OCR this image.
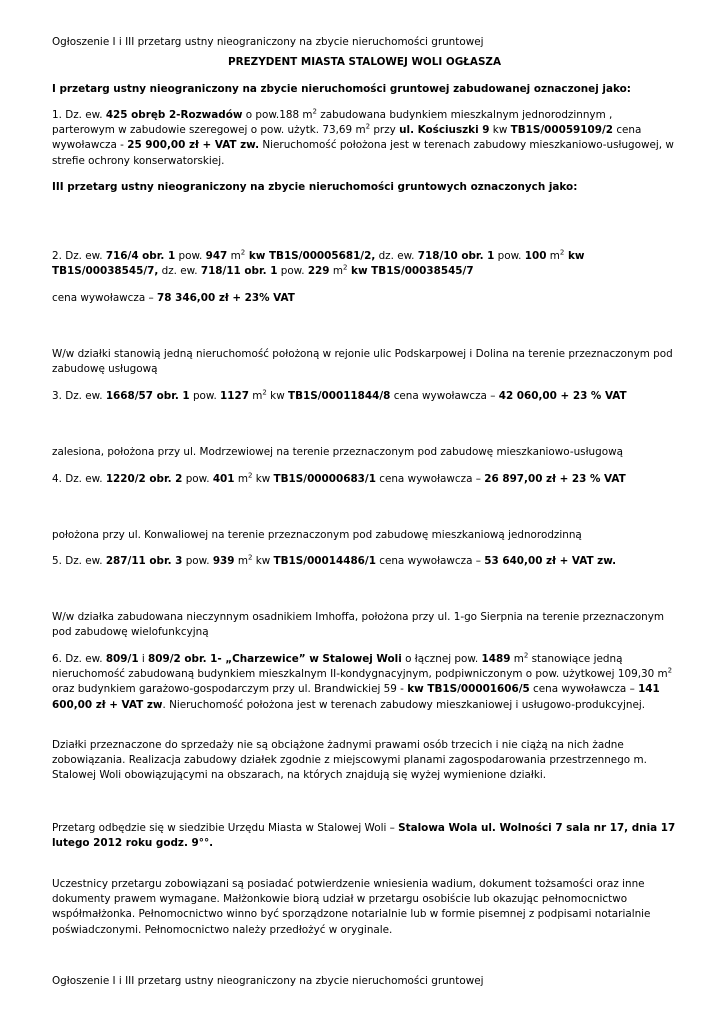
Ogłoszenie I i III przetarg ustny nieograniczony na zbycie nieruchomości gruntowej

PREZYDENT MIASTA STALOWEJ WOLI OGŁASZA

I przetarg ustny nieograniczony na zbycie nieruchomości gruntowej zabudowanej oznaczonej jako:

1. Dz. ew. 425 obręb 2-Rozwadów o pow.188 $m^2$ zabudowana budynkiem mieszkalnym jednorodzinnym , parterowym w zabudowie szeregowej o pow. użytk. 73,69 $m^2$ przy ul. Kościuszki 9 kw TB1S/00059109/2 cena wywoławcza - 25 900,00 zł + VAT zw. Nieruchomość położona jest w terenach zabudowy mieszkaniowo-usługowej, w strefie ochrony konserwatorskiej.

III przetarg ustny nieograniczony na zbycie nieruchomości gruntowych oznaczonych jako:

2. Dz. ew. 716/4 obr. 1 pow. 947 $m^2$ kw TB1S/00005681/2, dz. ew. 718/10 obr. 1 pow. 100 $m^2$ kw TB1S/00038545/7, dz. ew. 718/11 obr. 1 pow. 229 $m^2$ kw TB1S/00038545/7

cena wywoławcza – 78 346,00 zł + 23% VAT

W/w działki stanowią jedną nieruchomość położoną w rejonie ulic Podskarpowej i Dolina na terenie przeznaczonym pod zabudowę usługową

3. Dz. ew. 1668/57 obr. 1 pow. 1127 $m^2$ kw TB1S/00011844/8 cena wywoławcza – 42 060,00 + 23 % VAT

zalesiona, położona przy ul. Modrzewiowej na terenie przeznaczonym pod zabudowę mieszkaniowo-usługową

4. Dz. ew. 1220/2 obr. 2 pow. 401 $m^2$ kw TB1S/00000683/1 cena wywoławcza – 26 897,00 zł + 23 % VAT

położona przy ul. Konwaliowej na terenie przeznaczonym pod zabudowę mieszkaniową jednorodzinną

5. Dz. ew. 287/11 obr. 3 pow. 939 $m^2$ kw TB1S/00014486/1 cena wywoławcza – 53 640,00 zł + VAT zw.

W/w działka zabudowana nieczynnym osadnikiem Imhoffa, położona przy ul. 1-go Sierpnia na terenie przeznaczonym pod zabudowę wielofunkcyjną

6. Dz. ew. 809/1 i 809/2 obr. 1- „Charzewice” w Stalowej Woli o łącznej pow. 1489 $m^2$ stanowiące jedną nieruchomość zabudowaną budynkiem mieszkalnym II-kondygnacyjnym, podpiwniczonym o pow. użytkowej 109,30 $m^2$ oraz budynkiem garażowo-gospodarczym przy ul. Brandwickiej 59 - kw TB1S/00001606/5 cena wywoławcza – 141 600,00 zł + VAT zw. Nieruchomość położona jest w terenach zabudowy mieszkaniowej i usługowo-produkcyjnej.

Działki przeznaczone do sprzedaży nie są obciążone żadnymi prawami osób trzecich i nie ciążą na nich żadne zobowiązania. Realizacja zabudowy działek zgodnie z miejscowymi planami zagospodarowania przestrzennego m. Stalowej Woli obowiązującymi na obszarach, na których znajdują się wyżej wymienione działki.

Przetarg odbędzie się w siedzibie Urzędu Miasta w Stalowej Woli – Stalowa Wola ul. Wolności 7 sala nr 17, dnia 17 lutego 2012 roku godz. 9°°.

Uczestnicy przetargu zobowiązani są posiadać potwierdzenie wniesienia wadium, dokument tożsamości oraz inne dokumenty prawem wymagane. Małżonkowie biorą udział w przetargu osobiście lub okazując pełnomocnictwo współmałżonka. Pełnomocnictwo winno być sporządzone notarialnie lub w formie pisemnej z podpisami notarialnie poświadczonymi. Pełnomocnictwo należy przedłożyć w oryginale.

Ogłoszenie I i III przetarg ustny nieograniczony na zbycie nieruchomości gruntowej
